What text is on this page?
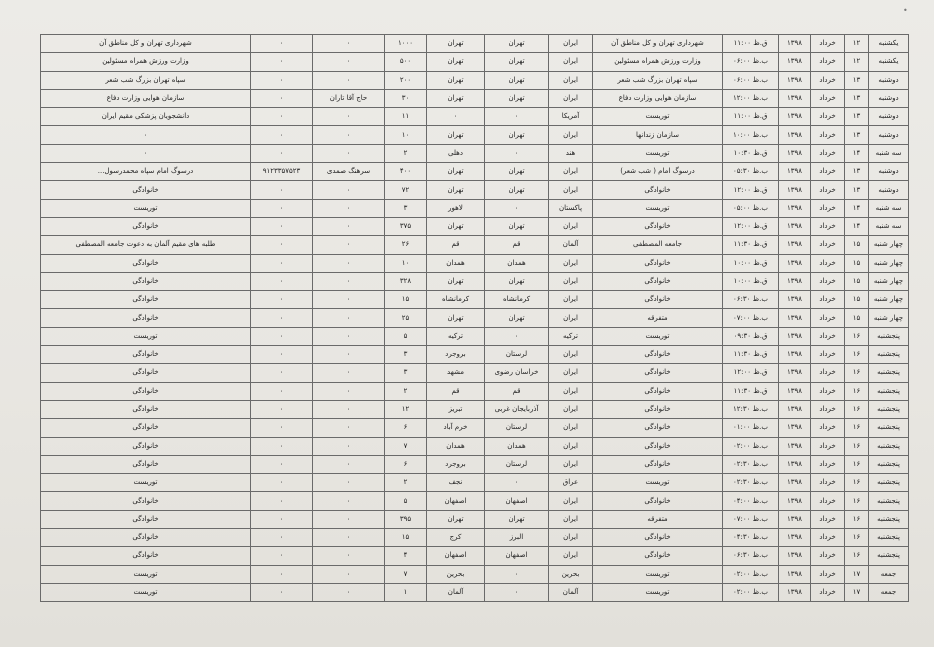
•
یکشنبه	۱۲	خرداد	۱۳۹۸	ق.ظ ۱۱:۰۰	شهرداری تهران و کل مناطق آن	ایران	تهران	تهران	۱۰۰۰	۰	۰	شهرداری تهران و کل مناطق آن
یکشنبه	۱۲	خرداد	۱۳۹۸	ب.ظ ۰۶:۰۰	وزارت ورزش همراه مسئولین	ایران	تهران	تهران	۵۰۰	۰	۰	وزارت ورزش همراه مسئولین
دوشنبه	۱۳	خرداد	۱۳۹۸	ب.ظ ۰۶:۰۰	سپاه تهران بزرگ شب شعر	ایران	تهران	تهران	۲۰۰	۰	۰	سپاه تهران بزرگ شب شعر
دوشنبه	۱۳	خرداد	۱۳۹۸	ب.ظ ۱۲:۰۰	سازمان هوایی وزارت دفاع	ایران	تهران	تهران	۳۰	حاج آقا تاران	۰	سازمان هوایی وزارت دفاع
دوشنبه	۱۳	خرداد	۱۳۹۸	ق.ظ ۱۱:۰۰	توریست	آمریکا	۰	۰	۱۱	۰	۰	دانشجویان پزشکی مقیم ایران
دوشنبه	۱۳	خرداد	۱۳۹۸	ب.ظ ۱۰:۰۰	سازمان زندانها	ایران	تهران	تهران	۱۰	۰	۰	۰
سه شنبه	۱۴	خرداد	۱۳۹۸	ق.ظ ۱۰:۳۰	توریست	هند	۰	دهلی	۲	۰	۰	۰
دوشنبه	۱۳	خرداد	۱۳۹۸	ب.ظ ۰۵:۳۰	درسوگ امام ( شب شعر)	ایران	تهران	تهران	۴۰۰	سرهنگ صمدی	۹۱۲۳۳۵۷۵۲۳	درسوگ امام سپاه محمدرسول...
دوشنبه	۱۳	خرداد	۱۳۹۸	ق.ظ ۱۲:۰۰	خانوادگی	ایران	تهران	تهران	۷۲	۰	۰	خانوادگی
سه شنبه	۱۴	خرداد	۱۳۹۸	ب.ظ ۰۵:۰۰	توریست	پاکستان	۰	لاهور	۳	۰	۰	توریست
سه شنبه	۱۴	خرداد	۱۳۹۸	ق.ظ ۱۲:۰۰	خانوادگی	ایران	تهران	تهران	۳۷۵	۰	۰	خانوادگی
چهار شنبه	۱۵	خرداد	۱۳۹۸	ق.ظ ۱۱:۳۰	جامعه المصطفی	آلمان	قم	قم	۲۶	۰	۰	طلبه های مقیم آلمان به دعوت جامعه المصطفی
چهار شنبه	۱۵	خرداد	۱۳۹۸	ق.ظ ۱۰:۰۰	خانوادگی	ایران	همدان	همدان	۱۰	۰	۰	خانوادگی
چهار شنبه	۱۵	خرداد	۱۳۹۸	ق.ظ ۱۰:۰۰	خانوادگی	ایران	تهران	تهران	۳۲۸	۰	۰	خانوادگی
چهار شنبه	۱۵	خرداد	۱۳۹۸	ب.ظ ۰۶:۳۰	خانوادگی	ایران	کرمانشاه	کرمانشاه	۱۵	۰	۰	خانوادگی
چهار شنبه	۱۵	خرداد	۱۳۹۸	ب.ظ ۰۷:۰۰	متفرقه	ایران	تهران	تهران	۲۵	۰	۰	خانوادگی
پنجشنبه	۱۶	خرداد	۱۳۹۸	ق.ظ ۰۹:۳۰	توریست	ترکیه	۰	ترکیه	۵	۰	۰	توریست
پنجشنبه	۱۶	خرداد	۱۳۹۸	ق.ظ ۱۱:۳۰	خانوادگی	ایران	لرستان	بروجرد	۳	۰	۰	خانوادگی
پنجشنبه	۱۶	خرداد	۱۳۹۸	ق.ظ ۱۲:۰۰	خانوادگی	ایران	خراسان رضوی	مشهد	۳	۰	۰	خانوادگی
پنجشنبه	۱۶	خرداد	۱۳۹۸	ق.ظ ۱۱:۳۰	خانوادگی	ایران	قم	قم	۲	۰	۰	خانوادگی
پنجشنبه	۱۶	خرداد	۱۳۹۸	ب.ظ ۱۲:۳۰	خانوادگی	ایران	آذربایجان غربی	تبریز	۱۲	۰	۰	خانوادگی
پنجشنبه	۱۶	خرداد	۱۳۹۸	ب.ظ ۰۱:۰۰	خانوادگی	ایران	لرستان	خرم آباد	۶	۰	۰	خانوادگی
پنجشنبه	۱۶	خرداد	۱۳۹۸	ب.ظ ۰۲:۰۰	خانوادگی	ایران	همدان	همدان	۷	۰	۰	خانوادگی
پنجشنبه	۱۶	خرداد	۱۳۹۸	ب.ظ ۰۲:۳۰	خانوادگی	ایران	لرستان	بروجرد	۶	۰	۰	خانوادگی
پنجشنبه	۱۶	خرداد	۱۳۹۸	ب.ظ ۰۲:۳۰	توریست	عراق	۰	نجف	۲	۰	۰	توریست
پنجشنبه	۱۶	خرداد	۱۳۹۸	ب.ظ ۰۴:۰۰	خانوادگی	ایران	اصفهان	اصفهان	۵	۰	۰	خانوادگی
پنجشنبه	۱۶	خرداد	۱۳۹۸	ب.ظ ۰۷:۰۰	متفرقه	ایران	تهران	تهران	۳۹۵	۰	۰	خانوادگی
پنجشنبه	۱۶	خرداد	۱۳۹۸	ب.ظ ۰۴:۳۰	خانوادگی	ایران	البرز	کرج	۱۵	۰	۰	خانوادگی
پنجشنبه	۱۶	خرداد	۱۳۹۸	ب.ظ ۰۶:۳۰	خانوادگی	ایران	اصفهان	اصفهان	۴	۰	۰	خانوادگی
جمعه	۱۷	خرداد	۱۳۹۸	ب.ظ ۰۲:۰۰	توریست	بحرین	۰	بحرین	۷	۰	۰	توریست
جمعه	۱۷	خرداد	۱۳۹۸	ب.ظ ۰۲:۰۰	توریست	آلمان	۰	آلمان	۱	۰	۰	توریست
